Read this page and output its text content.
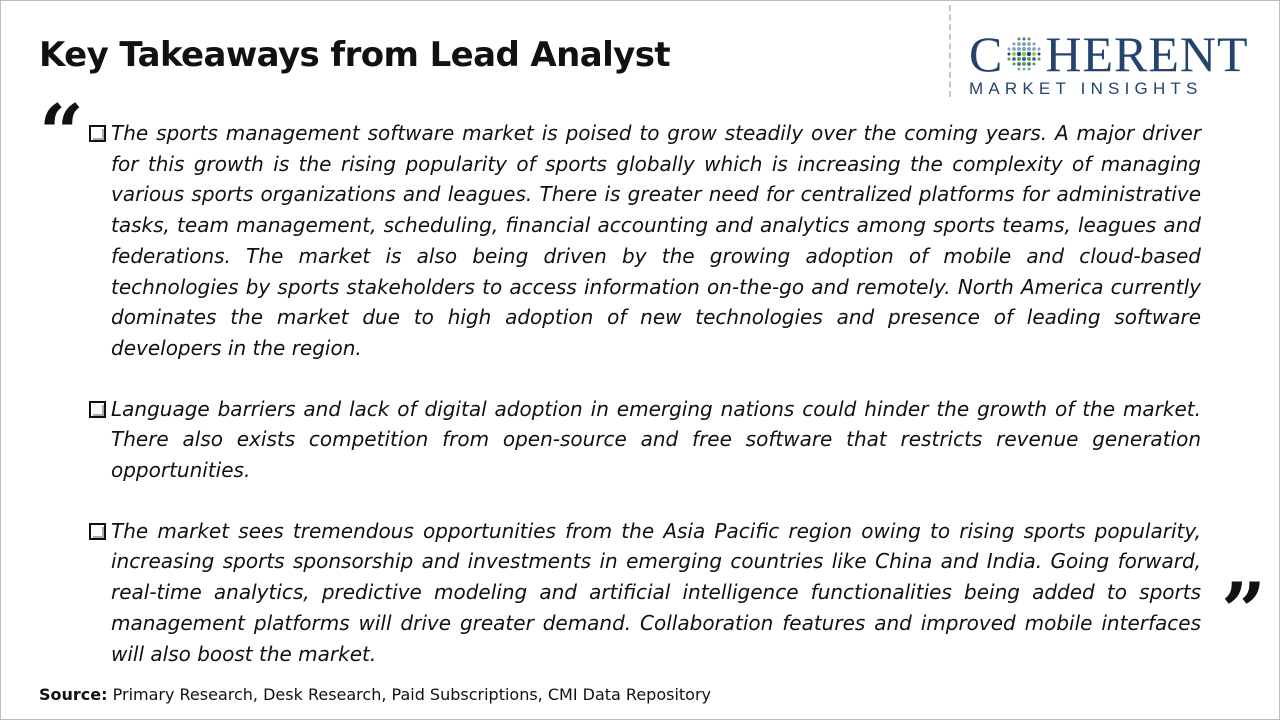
Key Takeaways from Lead Analyst	C HERENT
MARKET INSIGHTS
“	The sports management software market is poised to grow steadily over the coming years. A major driver for this growth is the rising popularity of sports globally which is increasing the complexity of managing various sports organizations and leagues. There is greater need for centralized platforms for administrative tasks, team management, scheduling, financial accounting and analytics among sports teams, leagues and federations. The market is also being driven by the growing adoption of mobile and cloud-based technologies by sports stakeholders to access information on-the-go and remotely. North America currently dominates the market due to high adoption of new technologies and presence of leading software developers in the region.
Language barriers and lack of digital adoption in emerging nations could hinder the growth of the market. There also exists competition from open-source and free software that restricts revenue generation opportunities.
The market sees tremendous opportunities from the Asia Pacific region owing to rising sports popularity, increasing sports sponsorship and investments in emerging countries like China and India. Going forward, real-time analytics, predictive modeling and artificial intelligence functionalities being added to sports management platforms will drive greater demand. Collaboration features and improved mobile interfaces will also boost the market.	”
Source: Primary Research, Desk Research, Paid Subscriptions, CMI Data Repository
